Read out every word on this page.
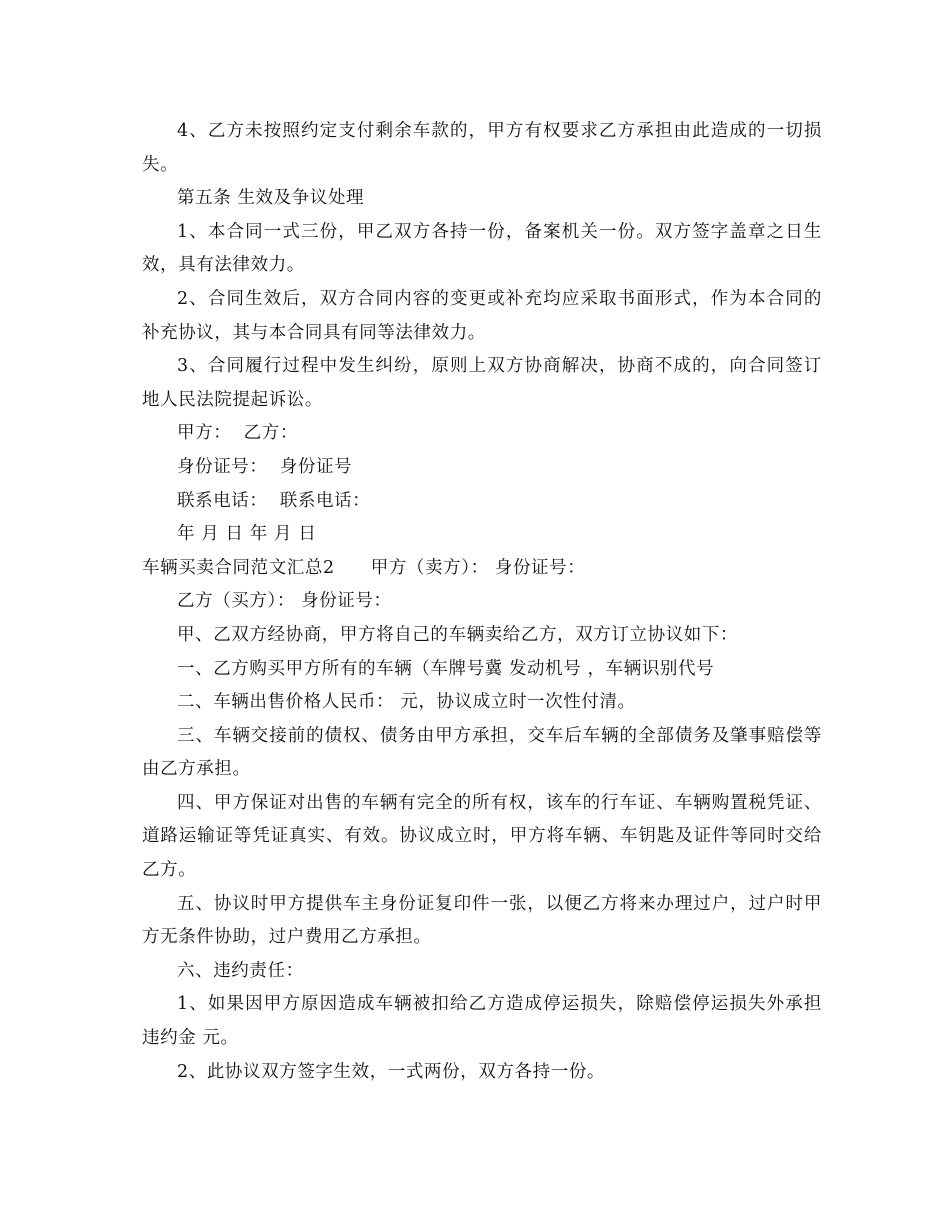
4、乙方未按照约定支付剩余车款的，甲方有权要求乙方承担由此造成的一切损失。

第五条 生效及争议处理

1、本合同一式三份，甲乙双方各持一份，备案机关一份。双方签字盖章之日生效，具有法律效力。

2、合同生效后，双方合同内容的变更或补充均应采取书面形式，作为本合同的补充协议，其与本合同具有同等法律效力。

3、合同履行过程中发生纠纷，原则上双方协商解决，协商不成的，向合同签订地人民法院提起诉讼。

甲方：  乙方：

身份证号：  身份证号

联系电话：  联系电话：

年 月 日 年 月 日

车辆买卖合同范文汇总2 甲方（卖方）： 身份证号：

乙方（买方）： 身份证号：

甲、乙双方经协商，甲方将自己的车辆卖给乙方，双方订立协议如下：

一、乙方购买甲方所有的车辆（车牌号冀 发动机号 ，车辆识别代号

二、车辆出售价格人民币： 元，协议成立时一次性付清。

三、车辆交接前的债权、债务由甲方承担，交车后车辆的全部债务及肇事赔偿等由乙方承担。

四、甲方保证对出售的车辆有完全的所有权，该车的行车证、车辆购置税凭证、道路运输证等凭证真实、有效。协议成立时，甲方将车辆、车钥匙及证件等同时交给乙方。

五、协议时甲方提供车主身份证复印件一张，以便乙方将来办理过户，过户时甲方无条件协助，过户费用乙方承担。

六、违约责任：

1、如果因甲方原因造成车辆被扣给乙方造成停运损失，除赔偿停运损失外承担违约金 元。

2、此协议双方签字生效，一式两份，双方各持一份。
